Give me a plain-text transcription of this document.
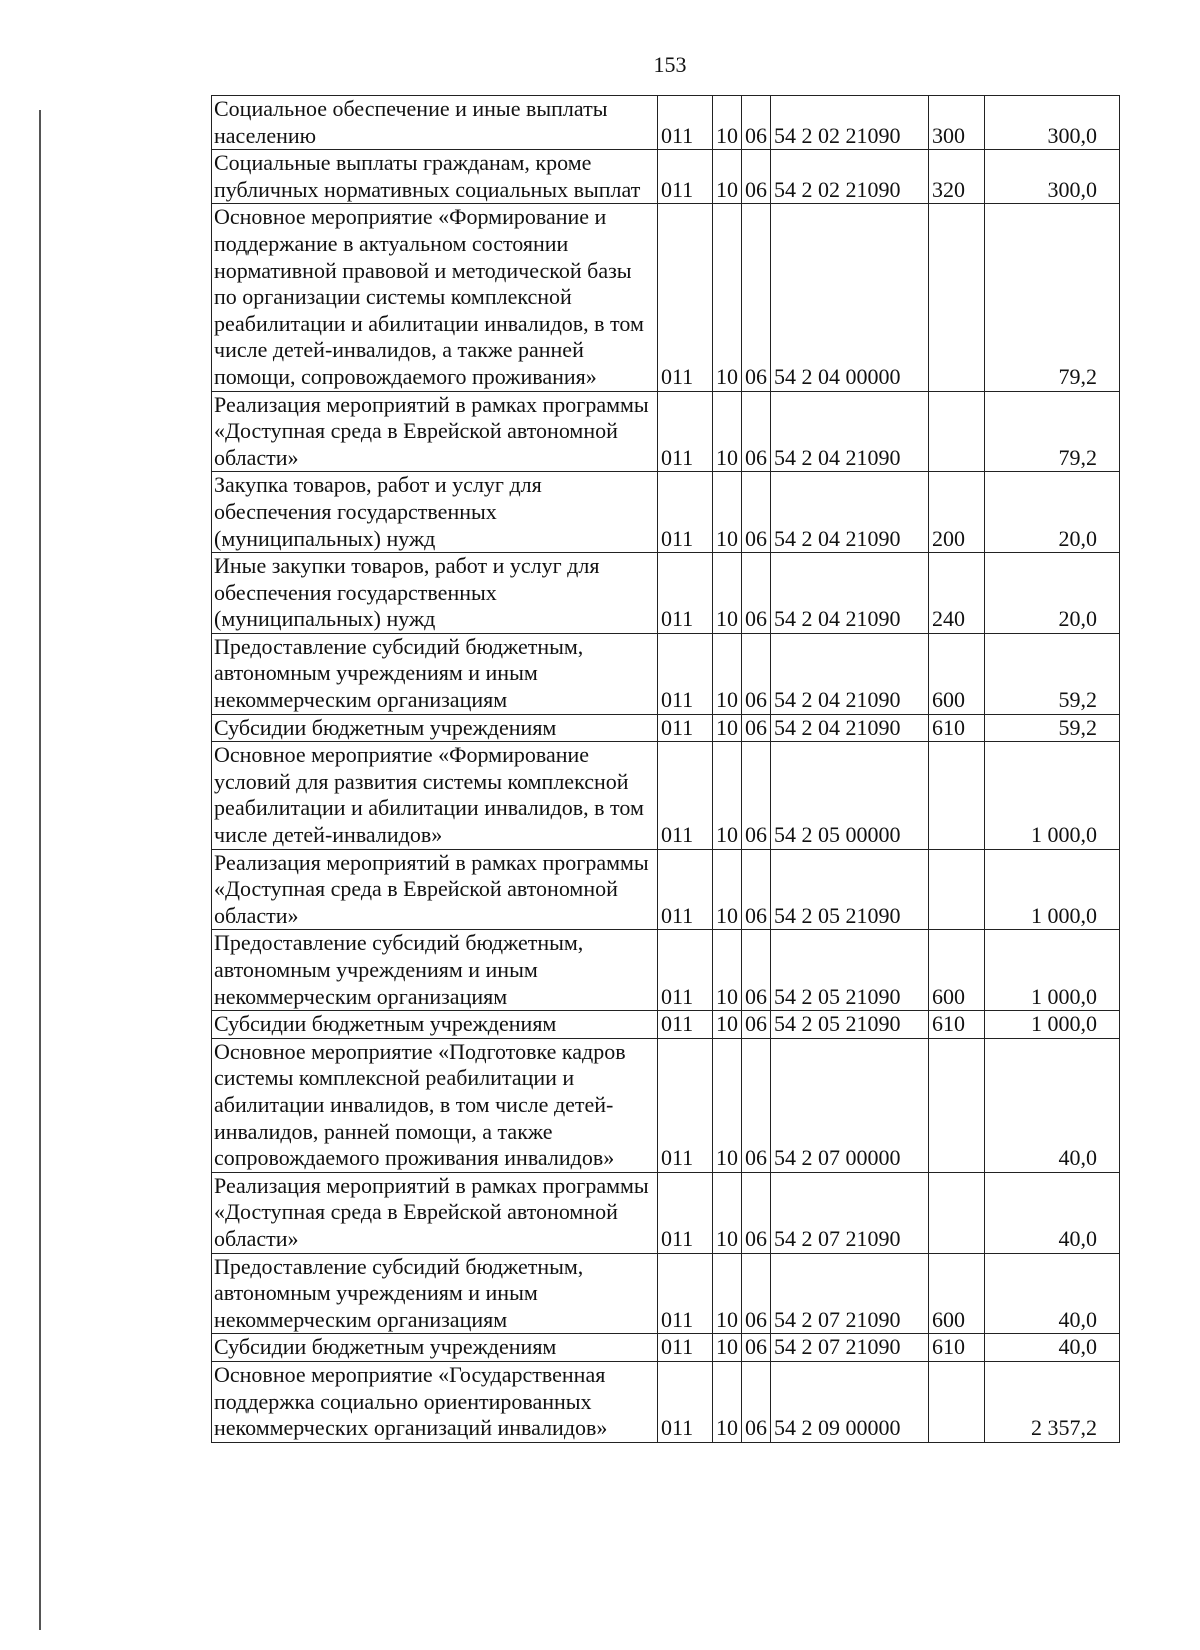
153
Социальное обеспечение и иные выплаты населению	011	10	06	54 2 02 21090	300	300,0
Социальные выплаты гражданам, кроме публичных нормативных социальных выплат	011	10	06	54 2 02 21090	320	300,0
Основное мероприятие «Формирование и поддержание в актуальном состоянии нормативной правовой и методической базы по организации системы комплексной реабилитации и абилитации инвалидов, в том числе детей-инвалидов, а также ранней помощи, сопровождаемого проживания»	011	10	06	54 2 04 00000		79,2
Реализация мероприятий в рамках программы «Доступная среда в Еврейской автономной области»	011	10	06	54 2 04 21090		79,2
Закупка товаров, работ и услуг для обеспечения государственных (муниципальных) нужд	011	10	06	54 2 04 21090	200	20,0
Иные закупки товаров, работ и услуг для обеспечения государственных (муниципальных) нужд	011	10	06	54 2 04 21090	240	20,0
Предоставление субсидий бюджетным, автономным учреждениям и иным некоммерческим организациям	011	10	06	54 2 04 21090	600	59,2
Субсидии бюджетным учреждениям	011	10	06	54 2 04 21090	610	59,2
Основное мероприятие «Формирование условий для развития системы комплексной реабилитации и абилитации инвалидов, в том числе детей-инвалидов»	011	10	06	54 2 05 00000		1 000,0
Реализация мероприятий в рамках программы «Доступная среда в Еврейской автономной области»	011	10	06	54 2 05 21090		1 000,0
Предоставление субсидий бюджетным, автономным учреждениям и иным некоммерческим организациям	011	10	06	54 2 05 21090	600	1 000,0
Субсидии бюджетным учреждениям	011	10	06	54 2 05 21090	610	1 000,0
Основное мероприятие «Подготовке кадров системы комплексной реабилитации и абилитации инвалидов, в том числе детей-инвалидов, ранней помощи, а также сопровождаемого проживания инвалидов»	011	10	06	54 2 07 00000		40,0
Реализация мероприятий в рамках программы «Доступная среда в Еврейской автономной области»	011	10	06	54 2 07 21090		40,0
Предоставление субсидий бюджетным, автономным учреждениям и иным некоммерческим организациям	011	10	06	54 2 07 21090	600	40,0
Субсидии бюджетным учреждениям	011	10	06	54 2 07 21090	610	40,0
Основное мероприятие «Государственная поддержка социально ориентированных некоммерческих организаций инвалидов»	011	10	06	54 2 09 00000		2 357,2
